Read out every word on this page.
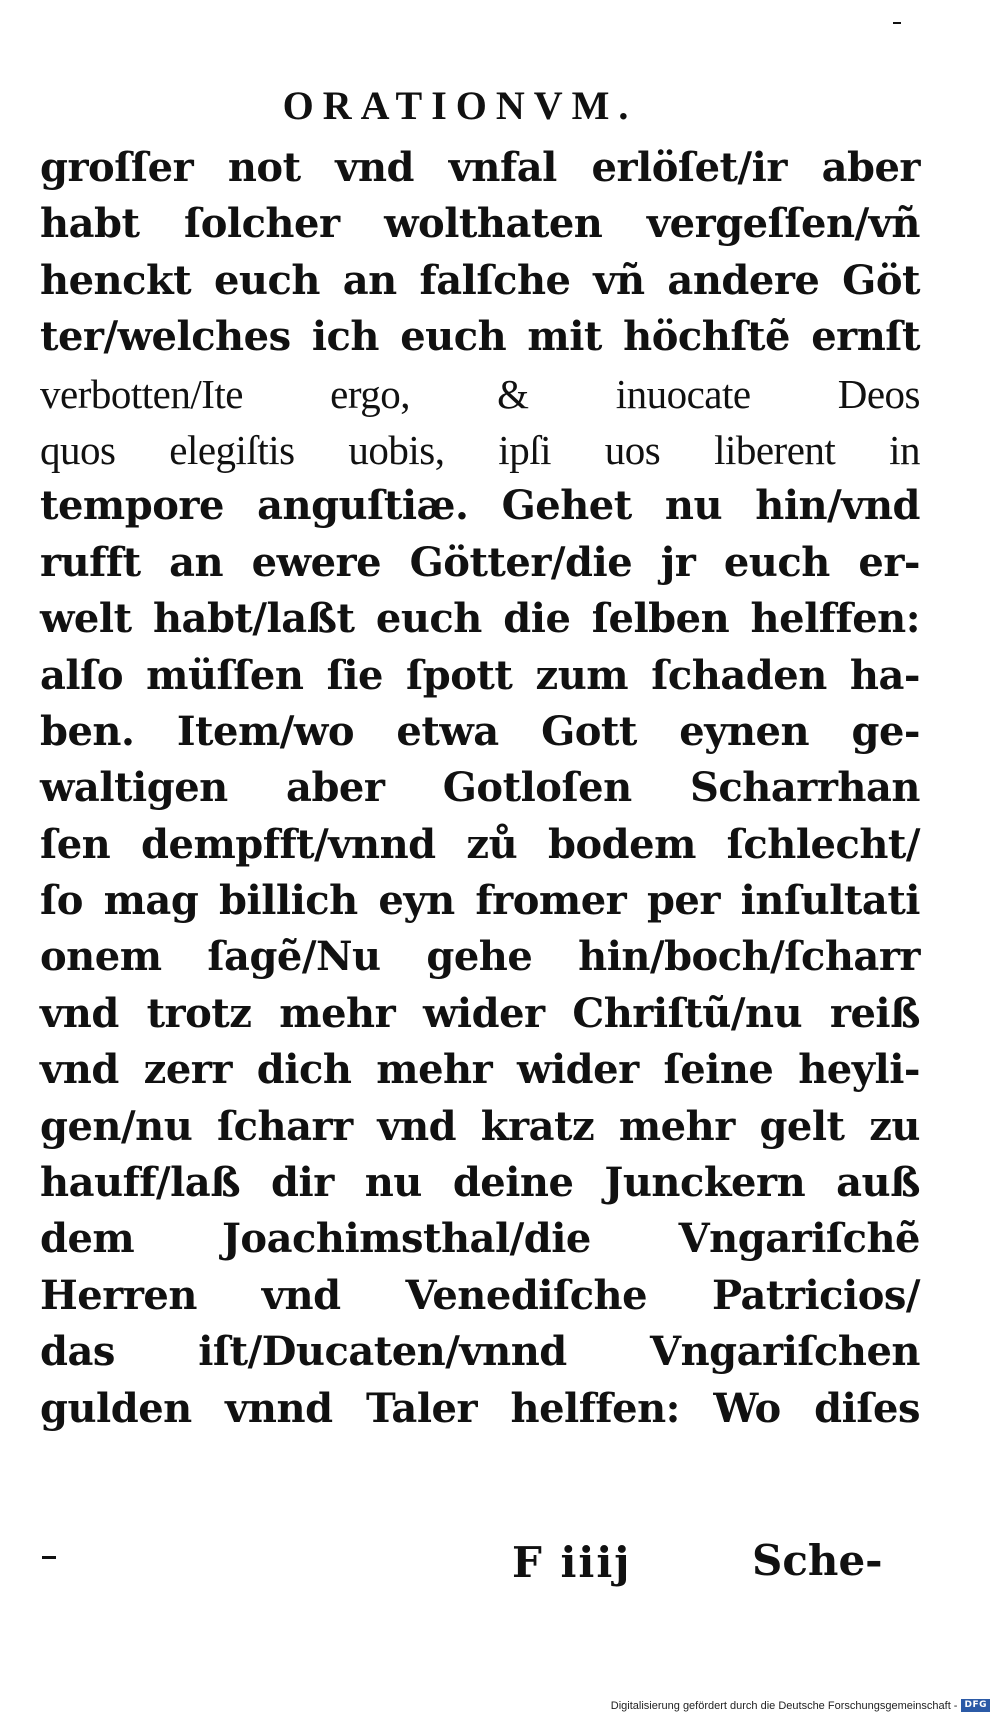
ORATIONVM.
groſſer not vnd vnfal erlöſet/ir aber
habt ſolcher wolthaten vergeſſen/vñ
henckt euch an falſche vñ andere Göt
ter/welches ich euch mit höchſtẽ ernſt
verbotten/Ite ergo, & inuocate Deos
quos elegiſtis uobis, ipſi uos liberent in
tempore anguſtiæ. Gehet nu hin/vnd
rufft an ewere Götter/die jr euch er-
welt habt/laßt euch die ſelben helffen:
alſo müſſen ſie ſpott zum ſchaden ha-
ben. Item/wo etwa Gott eynen ge-
waltigen aber Gotloſen Scharrhan
ſen dempfft/vnnd zů bodem ſchlecht/
ſo mag billich eyn fromer per inſultati
onem ſagẽ/Nu gehe hin/boch/ſcharr
vnd trotz mehr wider Chriſtũ/nu reiß
vnd zerr dich mehr wider ſeine heyli-
gen/nu ſcharr vnd kratz mehr gelt zu
hauff/laß dir nu deine Junckern auß
dem Joachimsthal/die Vngariſchẽ
Herren vnd Venediſche Patricios/
das iſt/Ducaten/vnnd Vngariſchen
gulden vnnd Taler helffen: Wo diſes
F iiij	Sche-
Digitalisierung gefördert durch die Deutsche Forschungsgemeinschaft - DFG
